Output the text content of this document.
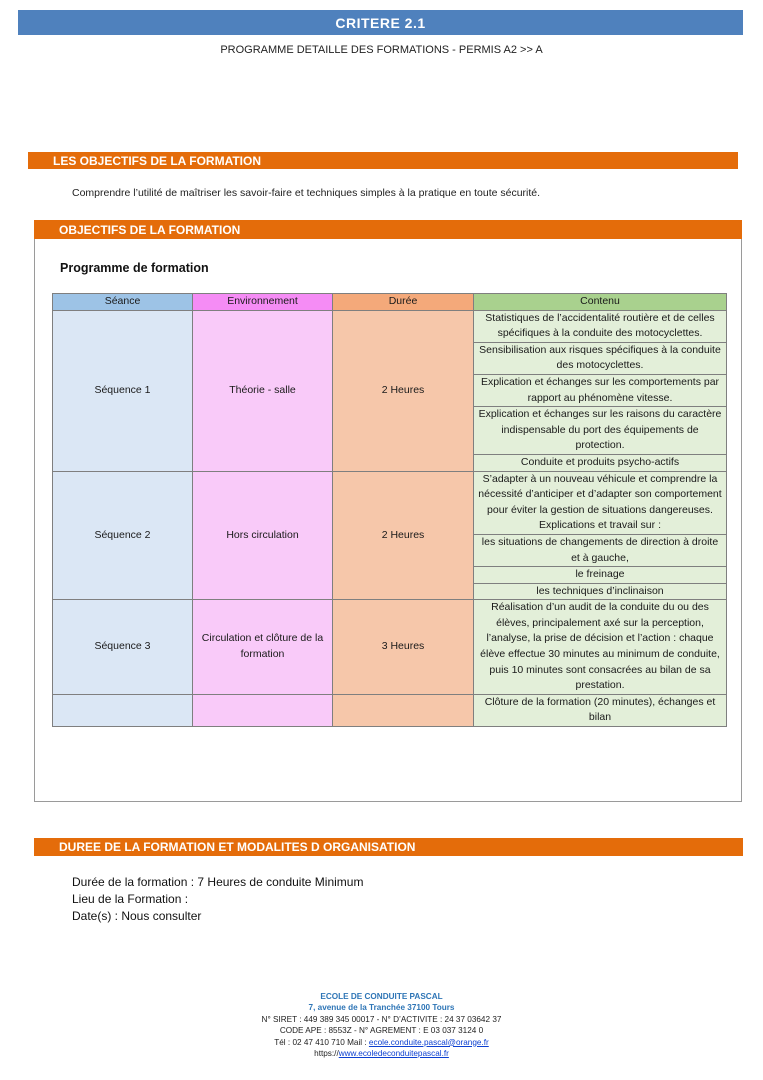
CRITERE 2.1
PROGRAMME DETAILLE DES FORMATIONS - PERMIS A2 >> A
LES OBJECTIFS DE LA FORMATION
Comprendre l’utilité de maîtriser les savoir-faire et techniques simples à la pratique en toute sécurité.
OBJECTIFS DE LA FORMATION
Programme de formation
Séance	Environnement	Durée	Contenu
Séquence 1	Théorie - salle	2 Heures	Statistiques de l’accidentalité routière et de celles spécifiques à la conduite des motocyclettes.
			Sensibilisation aux risques spécifiques à la conduite des motocyclettes.
			Explication et échanges sur les comportements par rapport au phénomène vitesse.
			Explication et échanges sur les raisons du caractère indispensable du port des équipements de protection.
			Conduite et produits psycho-actifs
Séquence 2	Hors circulation	2 Heures	S’adapter à un nouveau véhicule et comprendre la nécessité d’anticiper et d’adapter son comportement pour éviter la gestion de situations dangereuses. Explications et travail sur :
			les situations de changements de direction à droite et à gauche,
			le freinage
			les techniques d’inclinaison
Séquence 3	Circulation et clôture de la formation	3 Heures	Réalisation d’un audit de la conduite du ou des élèves, principalement axé sur la perception, l’analyse, la prise de décision et l’action : chaque élève effectue 30 minutes au minimum de conduite, puis 10 minutes sont consacrées au bilan de sa prestation.
			Clôture de la formation (20 minutes), échanges et bilan
DUREE DE LA FORMATION ET MODALITES D ORGANISATION
Durée de la formation : 7 Heures de conduite Minimum
Lieu de la Formation :
Date(s) : Nous consulter
ECOLE DE CONDUITE PASCAL
7, avenue de la Tranchée 37100 Tours
N° SIRET : 449 389 345 00017 - N° D’ACTIVITE : 24 37 03642 37
CODE APE : 8553Z - N° AGREMENT : E 03 037 3124 0
Tél : 02 47 410 710 Mail : ecole.conduite.pascal@orange.fr
https://www.ecoledeconduitepascal.fr
